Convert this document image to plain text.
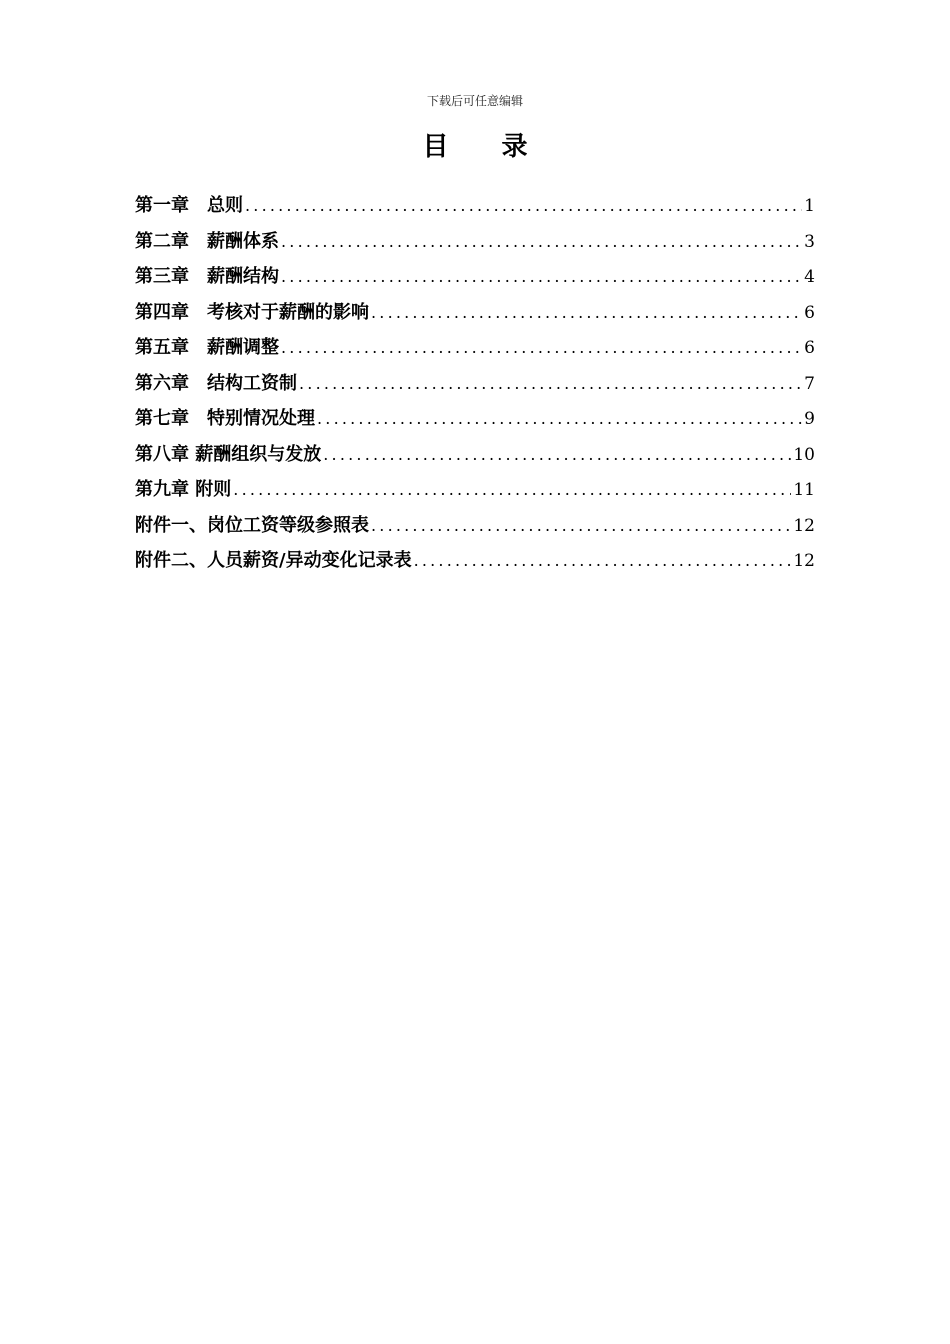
下载后可任意编辑
目 录
第一章　总则 .....	1
第二章　薪酬体系 .....	3
第三章　薪酬结构 .....	4
第四章　考核对于薪酬的影响 .....	6
第五章　薪酬调整 .....	6
第六章　结构工资制 .....	7
第七章　特别情况处理 .....	9
第八章 薪酬组织与发放 .....	10
第九章 附则 .....	11
附件一、岗位工资等级参照表 .....	12
附件二、人员薪资/异动变化记录表 .....	12
